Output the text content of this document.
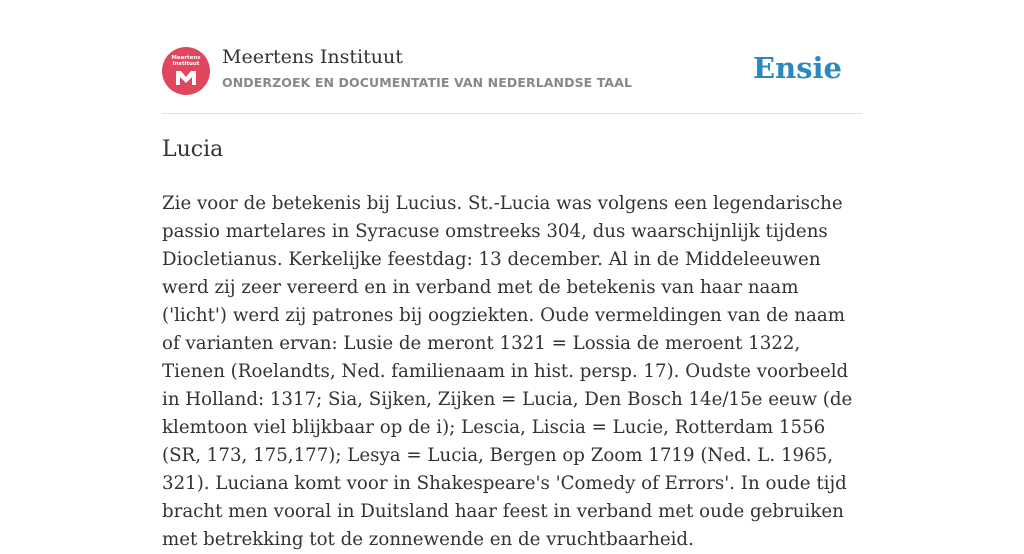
Meertens
Instituut	Meertens Instituut
ONDERZOEK EN DOCUMENTATIE VAN NEDERLANDSE TAAL	Ensie
Lucia

Zie voor de betekenis bij Lucius. St.-Lucia was volgens een legendarische passio martelares in Syracuse omstreeks 304, dus waarschijnlijk tijdens Diocletianus. Kerkelijke feestdag: 13 december. Al in de Middeleeuwen werd zij zeer vereerd en in verband met de betekenis van haar naam ('licht') werd zij patrones bij oogziekten. Oude vermeldingen van de naam of varianten ervan: Lusie de meront 1321 = Lossia de meroent 1322, Tienen (Roelandts, Ned. familienaam in hist. persp. 17). Oudste voorbeeld in Holland: 1317; Sia, Sijken, Zijken = Lucia, Den Bosch 14e/15e eeuw (de klemtoon viel blijkbaar op de i); Lescia, Liscia = Lucie, Rotterdam 1556 (SR, 173, 175,177); Lesya = Lucia, Bergen op Zoom 1719 (Ned. L. 1965, 321). Luciana komt voor in Shakespeare's 'Comedy of Errors'. In oude tijd bracht men vooral in Duitsland haar feest in verband met oude gebruiken met betrekking tot de zonnewende en de vruchtbaarheid.
